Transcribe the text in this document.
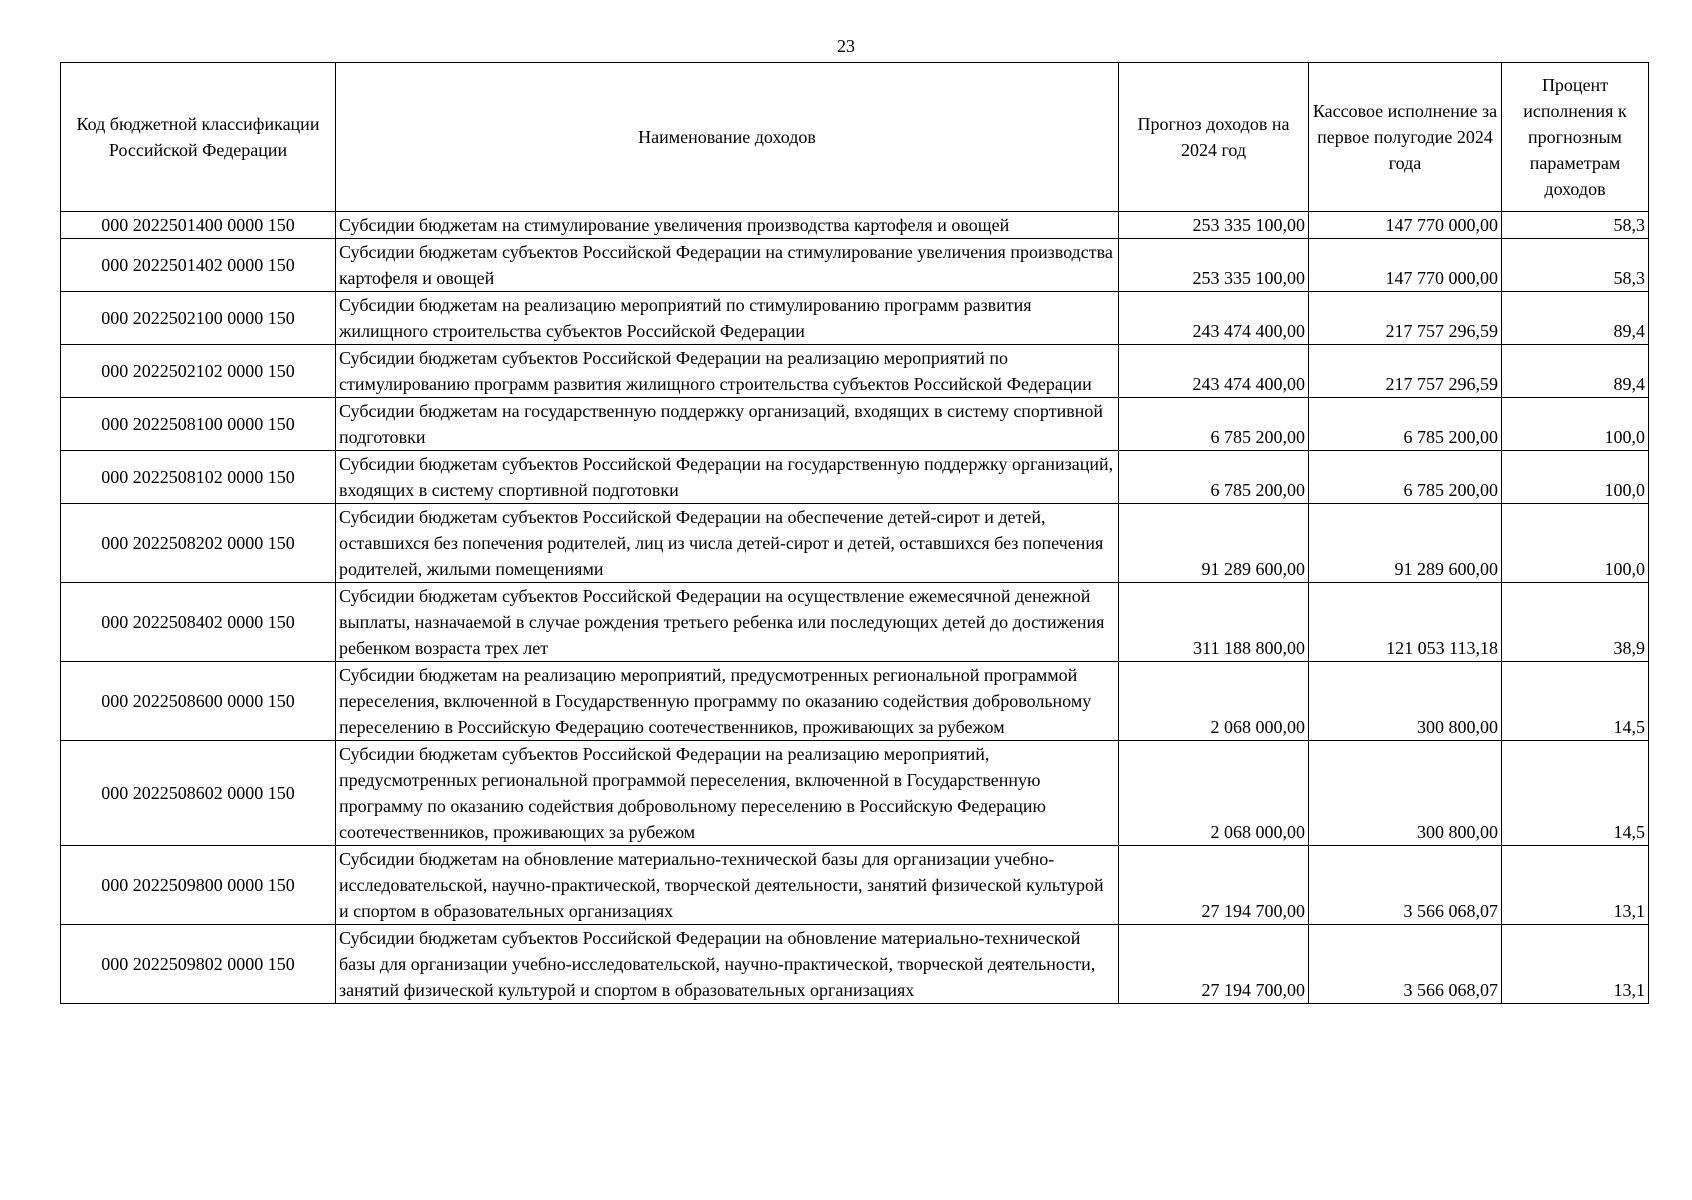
23
Код бюджетной классификации Российской Федерации	Наименование доходов	Прогноз доходов на 2024 год	Кассовое исполнение за первое полугодие 2024 года	Процент исполнения к прогнозным параметрам доходов
000 2022501400 0000 150	Субсидии бюджетам на стимулирование увеличения производства картофеля и овощей	253 335 100,00	147 770 000,00	58,3
000 2022501402 0000 150	Субсидии бюджетам субъектов Российской Федерации на стимулирование увеличения производства картофеля и овощей	253 335 100,00	147 770 000,00	58,3
000 2022502100 0000 150	Субсидии бюджетам на реализацию мероприятий по стимулированию программ развития жилищного строительства субъектов Российской Федерации	243 474 400,00	217 757 296,59	89,4
000 2022502102 0000 150	Субсидии бюджетам субъектов Российской Федерации на реализацию мероприятий по стимулированию программ развития жилищного строительства субъектов Российской Федерации	243 474 400,00	217 757 296,59	89,4
000 2022508100 0000 150	Субсидии бюджетам на государственную поддержку организаций, входящих в систему спортивной подготовки	6 785 200,00	6 785 200,00	100,0
000 2022508102 0000 150	Субсидии бюджетам субъектов Российской Федерации на государственную поддержку организаций, входящих в систему спортивной подготовки	6 785 200,00	6 785 200,00	100,0
000 2022508202 0000 150	Субсидии бюджетам субъектов Российской Федерации на обеспечение детей-сирот и детей, оставшихся без попечения родителей, лиц из числа детей-сирот и детей, оставшихся без попечения родителей, жилыми помещениями	91 289 600,00	91 289 600,00	100,0
000 2022508402 0000 150	Субсидии бюджетам субъектов Российской Федерации на осуществление ежемесячной денежной выплаты, назначаемой в случае рождения третьего ребенка или последующих детей до достижения ребенком возраста трех лет	311 188 800,00	121 053 113,18	38,9
000 2022508600 0000 150	Субсидии бюджетам на реализацию мероприятий, предусмотренных региональной программой переселения, включенной в Государственную программу по оказанию содействия добровольному переселению в Российскую Федерацию соотечественников, проживающих за рубежом	2 068 000,00	300 800,00	14,5
000 2022508602 0000 150	Субсидии бюджетам субъектов Российской Федерации на реализацию мероприятий, предусмотренных региональной программой переселения, включенной в Государственную программу по оказанию содействия добровольному переселению в Российскую Федерацию соотечественников, проживающих за рубежом	2 068 000,00	300 800,00	14,5
000 2022509800 0000 150	Субсидии бюджетам на обновление материально-технической базы для организации учебно-исследовательской, научно-практической, творческой деятельности, занятий физической культурой и спортом в образовательных организациях	27 194 700,00	3 566 068,07	13,1
000 2022509802 0000 150	Субсидии бюджетам субъектов Российской Федерации на обновление материально-технической базы для организации учебно-исследовательской, научно-практической, творческой деятельности, занятий физической культурой и спортом в образовательных организациях	27 194 700,00	3 566 068,07	13,1
